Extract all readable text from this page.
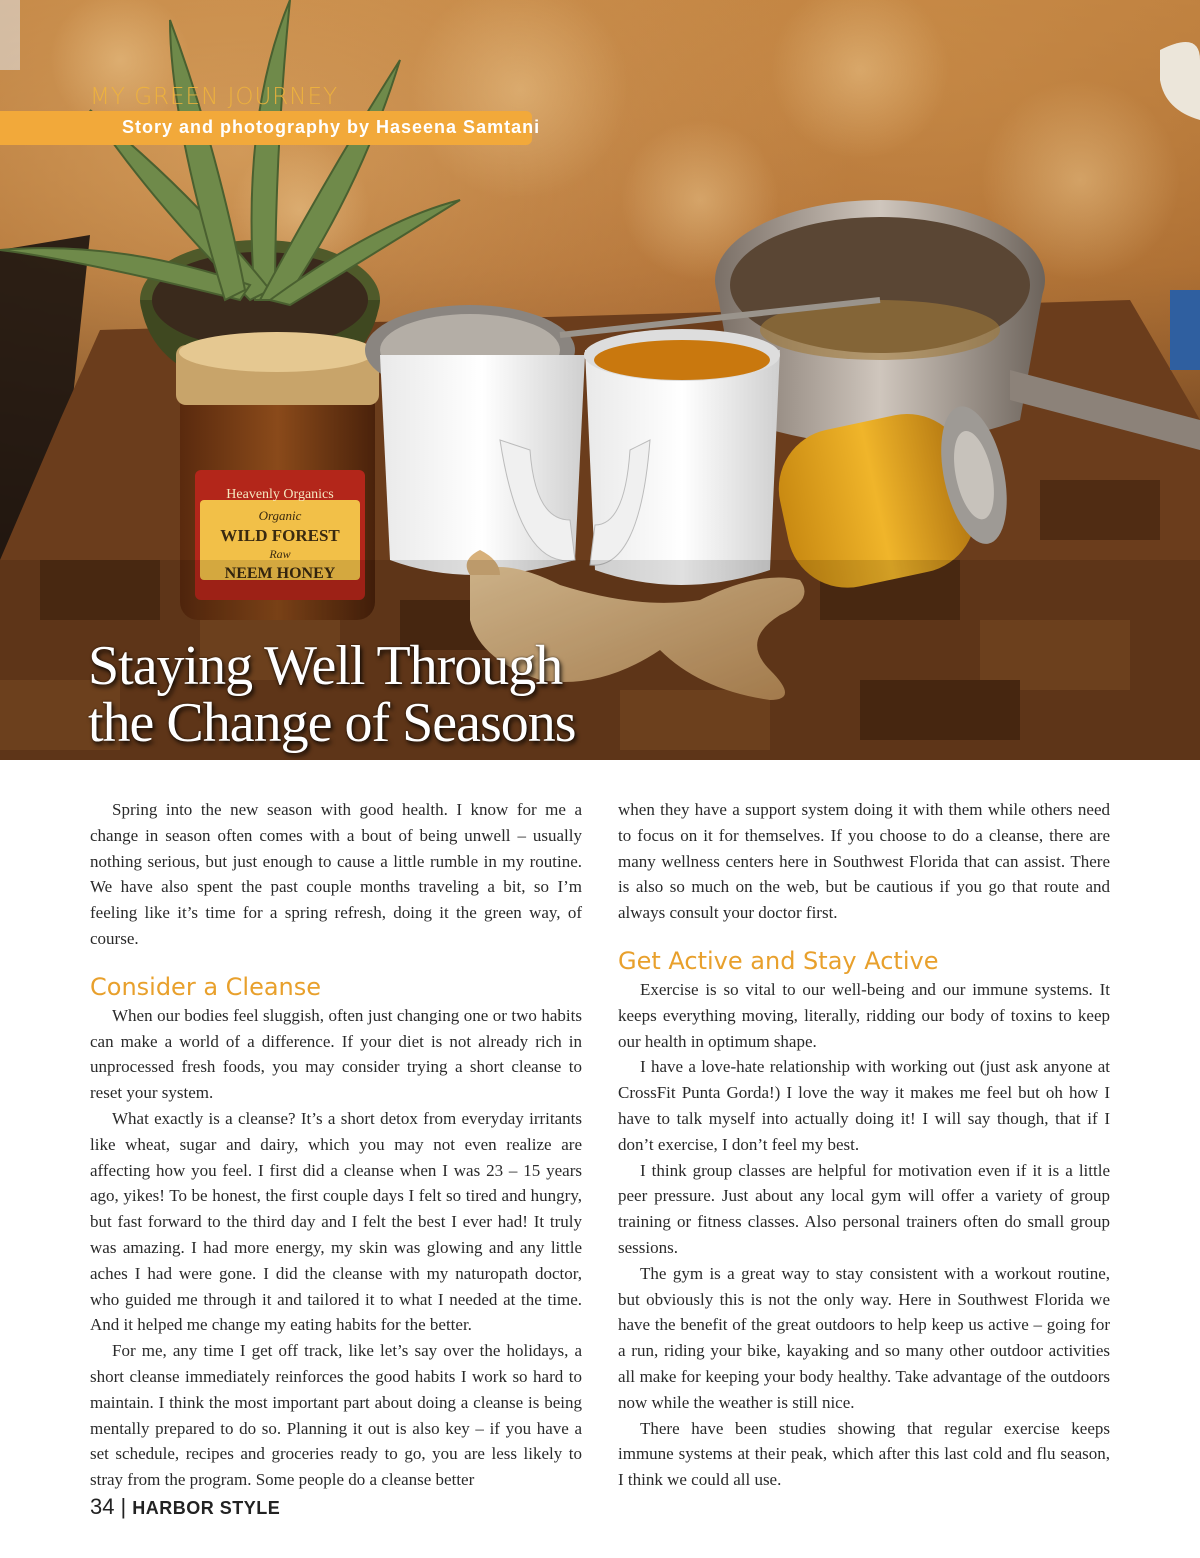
Heavenly Organics
Organic
WILD FOREST
Raw
NEEM HONEY
MY GREEN JOURNEY
Story and photography by Haseena Samtani
Staying Well Through
the Change of Seasons

Spring into the new season with good health. I know for me a change in season often comes with a bout of being unwell – usually nothing serious, but just enough to cause a little rumble in my routine. We have also spent the past couple months traveling a bit, so I’m feeling like it’s time for a spring refresh, doing it the green way, of course.

Consider a Cleanse

When our bodies feel sluggish, often just changing one or two habits can make a world of a difference. If your diet is not already rich in unprocessed fresh foods, you may consider trying a short cleanse to reset your system.

What exactly is a cleanse? It’s a short detox from everyday irritants like wheat, sugar and dairy, which you may not even realize are affecting how you feel. I first did a cleanse when I was 23 – 15 years ago, yikes! To be honest, the first couple days I felt so tired and hungry, but fast forward to the third day and I felt the best I ever had! It truly was amazing. I had more energy, my skin was glowing and any little aches I had were gone. I did the cleanse with my naturopath doctor, who guided me through it and tailored it to what I needed at the time. And it helped me change my eating habits for the better.

For me, any time I get off track, like let’s say over the holidays, a short cleanse immediately reinforces the good habits I work so hard to maintain. I think the most important part about doing a cleanse is being mentally prepared to do so. Planning it out is also key – if you have a set schedule, recipes and groceries ready to go, you are less likely to stray from the program. Some people do a cleanse better

when they have a support system doing it with them while others need to focus on it for themselves. If you choose to do a cleanse, there are many wellness centers here in Southwest Florida that can assist. There is also so much on the web, but be cautious if you go that route and always consult your doctor first.

Get Active and Stay Active

Exercise is so vital to our well-being and our immune systems. It keeps everything moving, literally, ridding our body of toxins to keep our health in optimum shape.

I have a love-hate relationship with working out (just ask anyone at CrossFit Punta Gorda!) I love the way it makes me feel but oh how I have to talk myself into actually doing it! I will say though, that if I don’t exercise, I don’t feel my best.

I think group classes are helpful for motivation even if it is a little peer pressure. Just about any local gym will offer a variety of group training or fitness classes. Also personal trainers often do small group sessions.

The gym is a great way to stay consistent with a workout routine, but obviously this is not the only way. Here in Southwest Florida we have the benefit of the great outdoors to help keep us active – going for a run, riding your bike, kayaking and so many other outdoor activities all make for keeping your body healthy. Take advantage of the outdoors now while the weather is still nice.

There have been studies showing that regular exercise keeps immune systems at their peak, which after this last cold and flu season, I think we could all use.

34 | HARBOR STYLE
